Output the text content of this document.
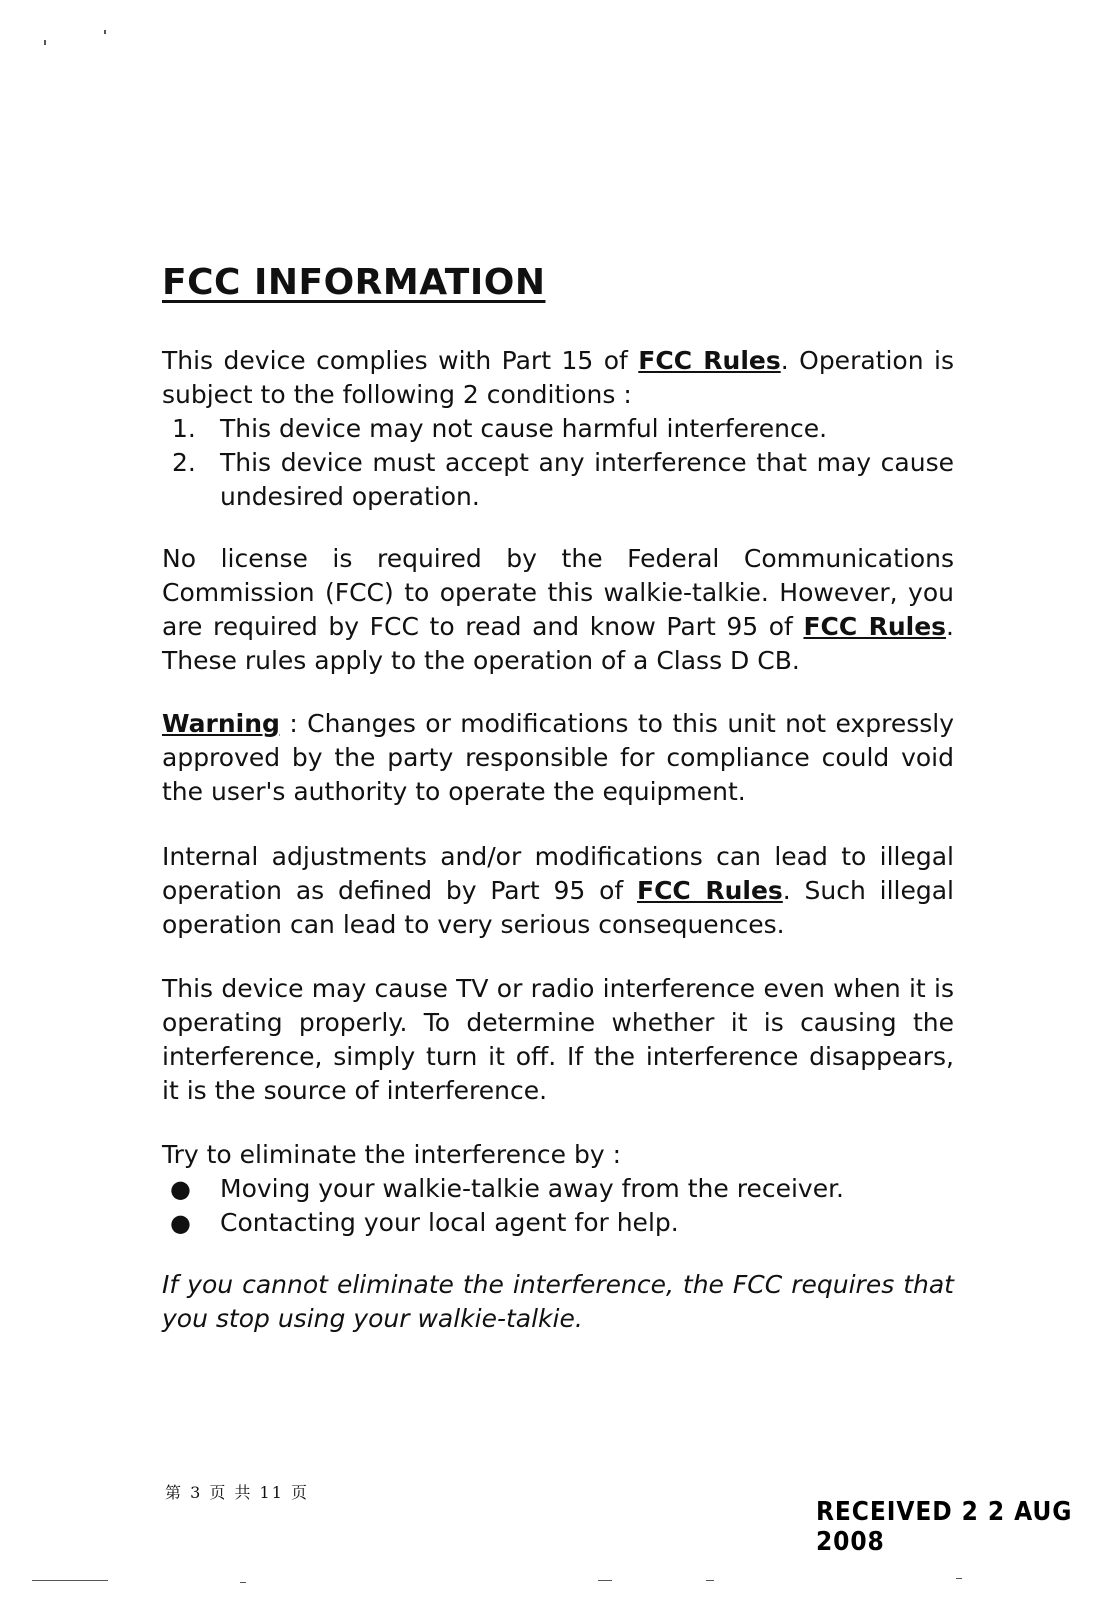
FCC INFORMATION

This device complies with Part 15 of FCC Rules. Operation is subject to the following 2 conditions :

1. This device may not cause harmful interference.
2. This device must accept any interference that may cause undesired operation.

No license is required by the Federal Communications Commission (FCC) to operate this walkie-talkie. However, you are required by FCC to read and know Part 95 of FCC Rules. These rules apply to the operation of a Class D CB.

Warning : Changes or modifications to this unit not expressly approved by the party responsible for compliance could void the user's authority to operate the equipment.

Internal adjustments and/or modifications can lead to illegal operation as defined by Part 95 of FCC Rules. Such illegal operation can lead to very serious consequences.

This device may cause TV or radio interference even when it is operating properly. To determine whether it is causing the interference, simply turn it off. If the interference disappears, it is the source of interference.

Try to eliminate the interference by :

● Moving your walkie-talkie away from the receiver.
● Contacting your local agent for help.

If you cannot eliminate the interference, the FCC requires that you stop using your walkie-talkie.

第 3 页 共 11 页
RECEIVED 2 2 AUG 2008
